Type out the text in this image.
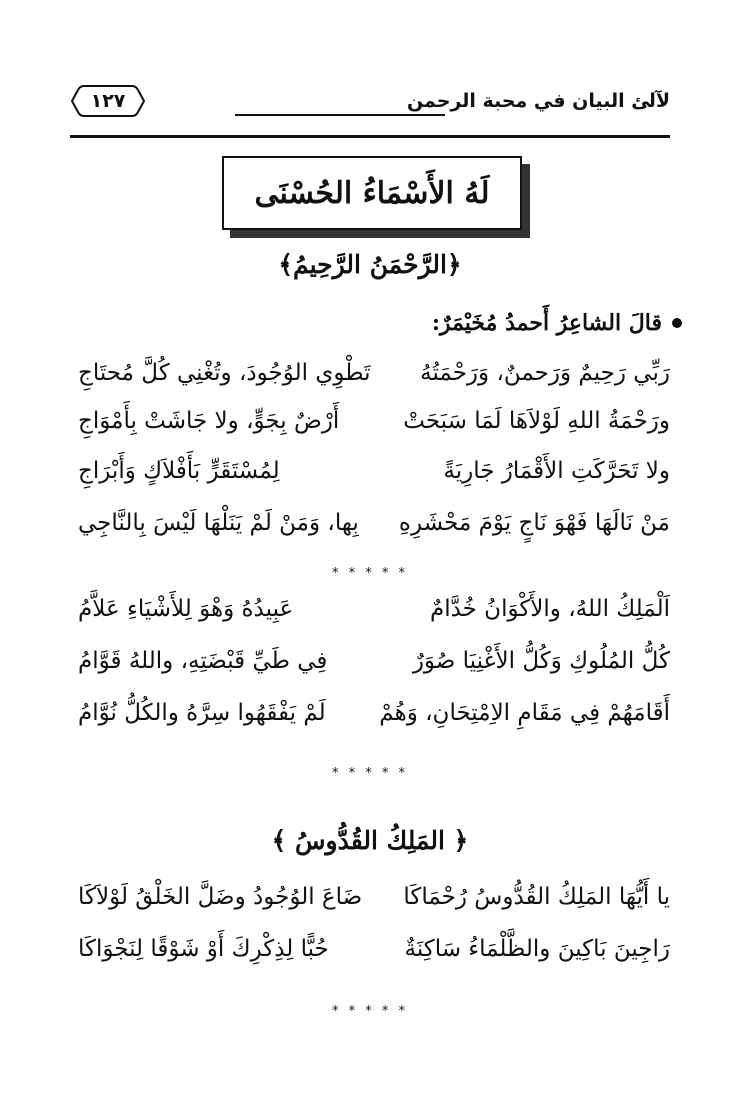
لآلئ البيان في محبة الرحمن
١٢٧
لَهُ الأَسْمَاءُ الحُسْنَى
﴿الرَّحْمَنُ الرَّحِيمُ﴾
قالَ الشاعِرُ أَحمدُ مُخَيْمَرٌ:
رَبِّي رَحِيمٌ وَرَحمنٌ، وَرَحْمَتُهُ
تَطْوِي الوُجُودَ، وتُغْنِي كُلَّ مُحتَاجِ
ورَحْمَةُ اللهِ لَوْلاَهَا لَمَا سَبَحَتْ
أَرْضٌ بِجَوٍّ، ولا جَاشَتْ بِأَمْوَاجِ
ولا تَحَرَّكَتِ الأَقْمَارُ جَارِيَةً
لِمُسْتَقَرٍّ بَأَفْلاَكٍ وَأَبْرَاجِ
مَنْ نَالَهَا فَهْوَ نَاجٍ يَوْمَ مَحْشَرِهِ
بِها، وَمَنْ لَمْ يَنَلْهَا لَيْسَ بِالنَّاجِي
* * * * *
اَلْمَلِكُ اللهُ، والأَكْوَانُ خُدَّامٌ
عَبِيدُهُ وَهْوَ لِلأَشْيَاءِ عَلاَّمُ
كُلُّ المُلُوكِ وَكُلُّ الأَغْنِيَا صُوَرٌ
فِي طَيِّ قَبْضَتِهِ، واللهُ قَوَّامُ
أَقَامَهُمْ فِي مَقَامِ الاِمْتِحَانِ، وَهُمْ
لَمْ يَفْقَهُوا سِرَّهُ والكُلُّ نُوَّامُ
* * * * *
﴿ المَلِكُ القُدُّوسُ ﴾
يا أَيُّهَا المَلِكُ القُدُّوسُ رُحْمَاكَا
ضَاعَ الوُجُودُ وضَلَّ الخَلْقُ لَوْلاَكَا
رَاجِينَ بَاكِينَ والظَّلْمَاءُ سَاكِنَةٌ
حُبًّا لِذِكْرِكَ أَوْ شَوْقًا لِنَجْوَاكَا
* * * * *
